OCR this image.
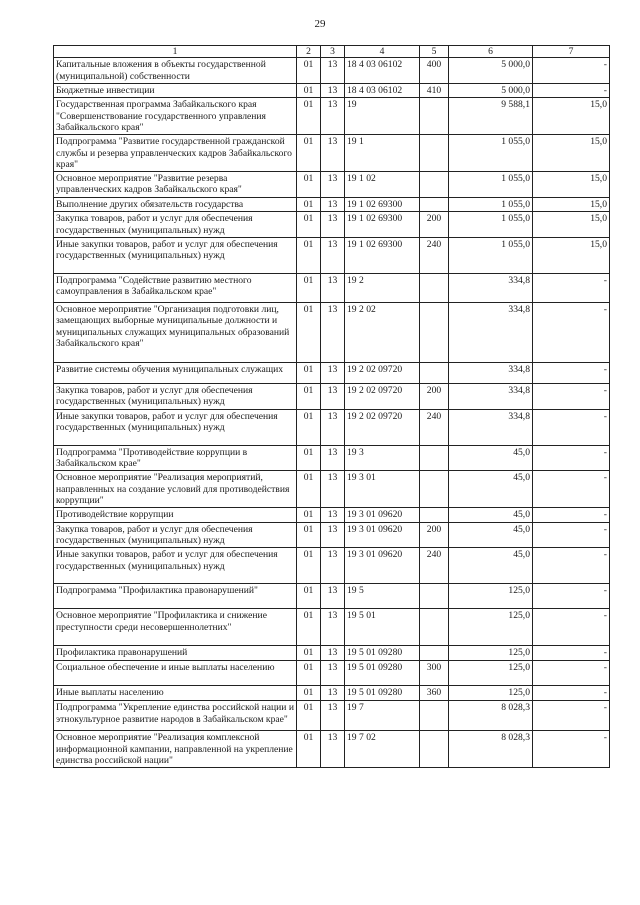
29
1	2	3	4	5	6	7
Капитальные вложения в объекты государственной (муниципальной) собственности	01	13	18 4 03 06102	400	5 000,0	-
Бюджетные инвестиции	01	13	18 4 03 06102	410	5 000,0	-
Государственная программа Забайкальского края "Совершенствование государственного управления Забайкальского края"	01	13	19		9 588,1	15,0
Подпрограмма "Развитие государственной гражданской службы и резерва управленческих кадров Забайкальского края"	01	13	19 1		1 055,0	15,0
Основное мероприятие "Развитие резерва управленческих кадров Забайкальского края"	01	13	19 1 02		1 055,0	15,0
Выполнение других обязательств государства	01	13	19 1 02 69300		1 055,0	15,0
Закупка товаров, работ и услуг для обеспечения государственных (муниципальных) нужд	01	13	19 1 02 69300	200	1 055,0	15,0
Иные закупки товаров, работ и услуг для обеспечения государственных (муниципальных) нужд	01	13	19 1 02 69300	240	1 055,0	15,0
Подпрограмма "Содействие развитию местного самоуправления в Забайкальском крае"	01	13	19 2		334,8	-
Основное мероприятие "Организация подготовки лиц, замещающих выборные муниципальные должности и муниципальных служащих муниципальных образований Забайкальского края"	01	13	19 2 02		334,8	-
Развитие системы обучения муниципальных служащих	01	13	19 2 02 09720		334,8	-
Закупка товаров, работ и услуг для обеспечения государственных (муниципальных) нужд	01	13	19 2 02 09720	200	334,8	-
Иные закупки товаров, работ и услуг для обеспечения государственных (муниципальных) нужд	01	13	19 2 02 09720	240	334,8	-
Подпрограмма "Противодействие коррупции в Забайкальском крае"	01	13	19 3		45,0	-
Основное мероприятие "Реализация мероприятий, направленных на создание условий для противодействия коррупции"	01	13	19 3 01		45,0	-
Противодействие коррупции	01	13	19 3 01 09620		45,0	-
Закупка товаров, работ и услуг для обеспечения государственных (муниципальных) нужд	01	13	19 3 01 09620	200	45,0	-
Иные закупки товаров, работ и услуг для обеспечения государственных (муниципальных) нужд	01	13	19 3 01 09620	240	45,0	-
Подпрограмма "Профилактика правонарушений"	01	13	19 5		125,0	-
Основное мероприятие "Профилактика и снижение преступности среди несовершеннолетних"	01	13	19 5 01		125,0	-
Профилактика правонарушений	01	13	19 5 01 09280		125,0	-
Социальное обеспечение и иные выплаты населению	01	13	19 5 01 09280	300	125,0	-
Иные выплаты населению	01	13	19 5 01 09280	360	125,0	-
Подпрограмма "Укрепление единства российской нации и этнокультурное развитие народов в Забайкальском крае"	01	13	19 7		8 028,3	-
Основное мероприятие "Реализация комплексной информационной кампании, направленной на укрепление единства российской нации"	01	13	19 7 02		8 028,3	-
